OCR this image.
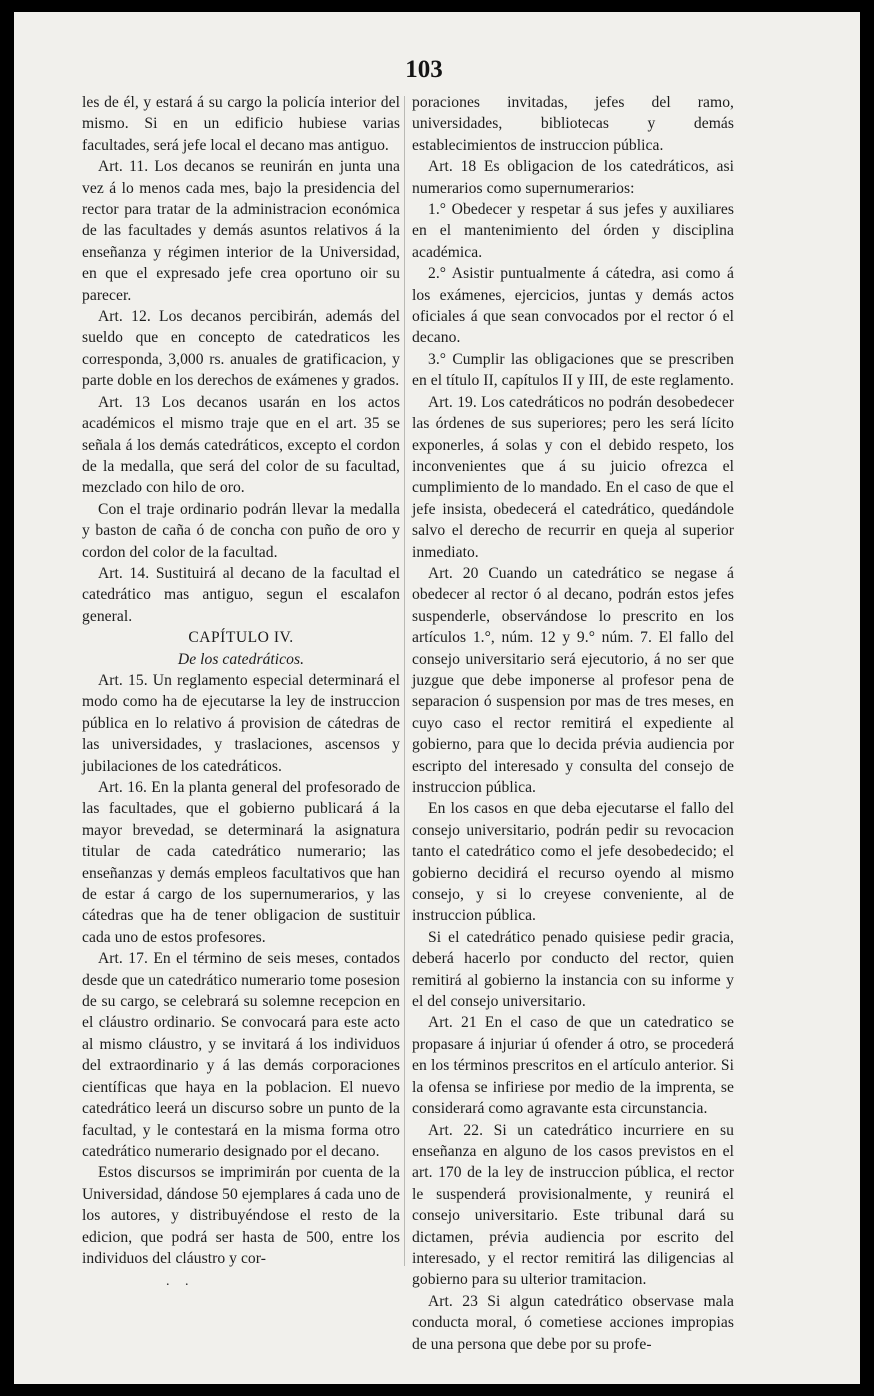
103

les de él, y estará á su cargo la policía interior del mismo. Si en un edificio hubiese varias facultades, será jefe local el decano mas antiguo.

Art. 11. Los decanos se reunirán en junta una vez á lo menos cada mes, bajo la presidencia del rector para tratar de la administracion económica de las facultades y demás asuntos relativos á la enseñanza y régimen interior de la Universidad, en que el expresado jefe crea oportuno oir su parecer.

Art. 12. Los decanos percibirán, además del sueldo que en concepto de catedraticos les corresponda, 3,000 rs. anuales de gratificacion, y parte doble en los derechos de exámenes y grados.

Art. 13 Los decanos usarán en los actos académicos el mismo traje que en el art. 35 se señala á los demás catedráticos, excepto el cordon de la medalla, que será del color de su facultad, mezclado con hilo de oro.

Con el traje ordinario podrán llevar la medalla y baston de caña ó de concha con puño de oro y cordon del color de la facultad.

Art. 14. Sustituirá al decano de la facultad el catedrático mas antiguo, segun el escalafon general.

CAPÍTULO IV.

De los catedráticos.

Art. 15. Un reglamento especial determinará el modo como ha de ejecutarse la ley de instruccion pública en lo relativo á provision de cátedras de las universidades, y traslaciones, ascensos y jubilaciones de los catedráticos.

Art. 16. En la planta general del profesorado de las facultades, que el gobierno publicará á la mayor brevedad, se determinará la asignatura titular de cada catedrático numerario; las enseñanzas y demás empleos facultativos que han de estar á cargo de los supernumerarios, y las cátedras que ha de tener obligacion de sustituir cada uno de estos profesores.

Art. 17. En el término de seis meses, contados desde que un catedrático numerario tome posesion de su cargo, se celebrará su solemne recepcion en el cláustro ordinario. Se convocará para este acto al mismo cláustro, y se invitará á los individuos del extraordinario y á las demás corporaciones científicas que haya en la poblacion. El nuevo catedrático leerá un discurso sobre un punto de la facultad, y le contestará en la misma forma otro catedrático numerario designado por el decano.

Estos discursos se imprimirán por cuenta de la Universidad, dándose 50 ejemplares á cada uno de los autores, y distribuyéndose el resto de la edicion, que podrá ser hasta de 500, entre los individuos del cláustro y cor-

poraciones invitadas, jefes del ramo, universidades, bibliotecas y demás establecimientos de instruccion pública.

Art. 18 Es obligacion de los catedráticos, asi numerarios como supernumerarios:

1.° Obedecer y respetar á sus jefes y auxiliares en el mantenimiento del órden y disciplina académica.

2.° Asistir puntualmente á cátedra, asi como á los exámenes, ejercicios, juntas y demás actos oficiales á que sean convocados por el rector ó el decano.

3.° Cumplir las obligaciones que se prescriben en el título II, capítulos II y III, de este reglamento.

Art. 19. Los catedráticos no podrán desobedecer las órdenes de sus superiores; pero les será lícito exponerles, á solas y con el debido respeto, los inconvenientes que á su juicio ofrezca el cumplimiento de lo mandado. En el caso de que el jefe insista, obedecerá el catedrático, quedándole salvo el derecho de recurrir en queja al superior inmediato.

Art. 20 Cuando un catedrático se negase á obedecer al rector ó al decano, podrán estos jefes suspenderle, observándose lo prescrito en los artículos 1.°, núm. 12 y 9.° núm. 7. El fallo del consejo universitario será ejecutorio, á no ser que juzgue que debe imponerse al profesor pena de separacion ó suspension por mas de tres meses, en cuyo caso el rector remitirá el expediente al gobierno, para que lo decida prévia audiencia por escripto del interesado y consulta del consejo de instruccion pública.

En los casos en que deba ejecutarse el fallo del consejo universitario, podrán pedir su revocacion tanto el catedrático como el jefe desobedecido; el gobierno decidirá el recurso oyendo al mismo consejo, y si lo creyese conveniente, al de instruccion pública.

Si el catedrático penado quisiese pedir gracia, deberá hacerlo por conducto del rector, quien remitirá al gobierno la instancia con su informe y el del consejo universitario.

Art. 21 En el caso de que un catedratico se propasare á injuriar ú ofender á otro, se procederá en los términos prescritos en el artículo anterior. Si la ofensa se infiriese por medio de la imprenta, se considerará como agravante esta circunstancia.

Art. 22. Si un catedrático incurriere en su enseñanza en alguno de los casos previstos en el art. 170 de la ley de instruccion pública, el rector le suspenderá provisionalmente, y reunirá el consejo universitario. Este tribunal dará su dictamen, prévia audiencia por escrito del interesado, y el rector remitirá las diligencias al gobierno para su ulterior tramitacion.

Art. 23 Si algun catedrático observase mala conducta moral, ó cometiese acciones impropias de una persona que debe por su profe-

. .
